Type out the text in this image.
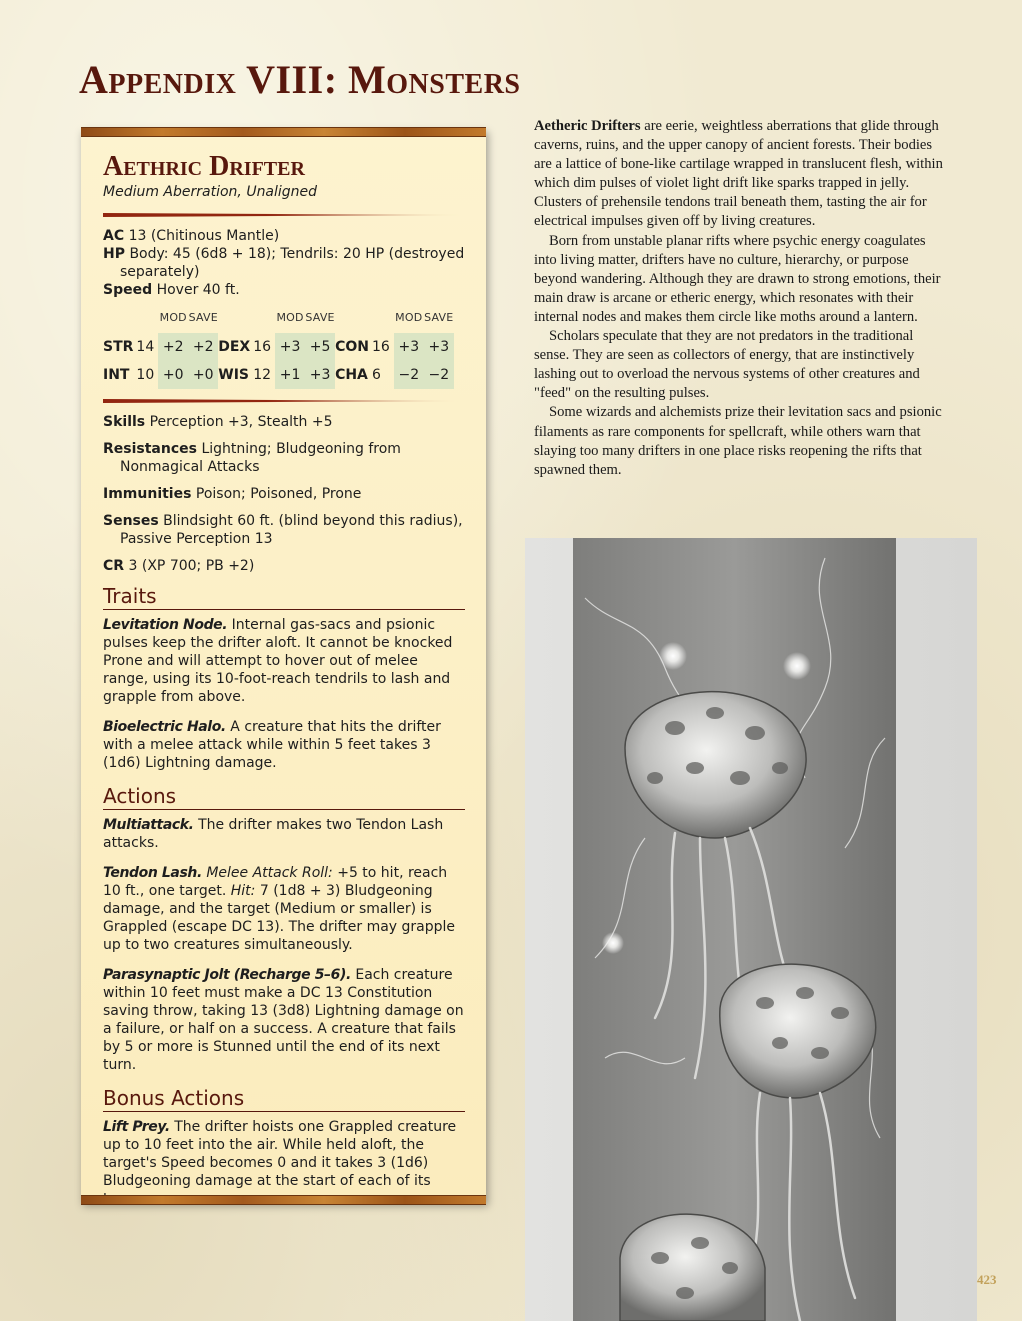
Appendix VIII: Monsters
Aethric Drifter
Medium Aberration, Unaligned
AC 13 (Chitinous Mantle)
HP Body: 45 (6d8 + 18); Tendrils: 20 HP (destroyed separately)
Speed Hover 40 ft.
		MOD	SAVE			MOD	SAVE			MOD	SAVE
STR	14	+2	+2	DEX	16	+3	+5	CON	16	+3	+3
INT	10	+0	+0	WIS	12	+1	+3	CHA	6	−2	−2
Skills Perception +3, Stealth +5
Resistances Lightning; Bludgeoning from Nonmagical Attacks
Immunities Poison; Poisoned, Prone
Senses Blindsight 60 ft. (blind beyond this radius), Passive Perception 13
CR 3 (XP 700; PB +2)
Traits
Levitation Node. Internal gas-sacs and psionic pulses keep the drifter aloft. It cannot be knocked Prone and will attempt to hover out of melee range, using its 10-foot-reach tendrils to lash and grapple from above.
Bioelectric Halo. A creature that hits the drifter with a melee attack while within 5 feet takes 3 (1d6) Lightning damage.
Actions
Multiattack. The drifter makes two Tendon Lash attacks.
Tendon Lash. Melee Attack Roll: +5 to hit, reach 10 ft., one target. Hit: 7 (1d8 + 3) Bludgeoning damage, and the target (Medium or smaller) is Grappled (escape DC 13). The drifter may grapple up to two creatures simultaneously.
Parasynaptic Jolt (Recharge 5–6). Each creature within 10 feet must make a DC 13 Constitution saving throw, taking 13 (3d8) Lightning damage on a failure, or half on a success. A creature that fails by 5 or more is Stunned until the end of its next turn.
Bonus Actions
Lift Prey. The drifter hoists one Grappled creature up to 10 feet into the air. While held aloft, the target's Speed becomes 0 and it takes 3 (1d6) Bludgeoning damage at the start of each of its

Aetheric Drifters are eerie, weightless aberrations that glide through caverns, ruins, and the upper canopy of ancient forests. Their bodies are a lattice of bone-like cartilage wrapped in translucent flesh, within which dim pulses of violet light drift like sparks trapped in jelly. Clusters of prehensile tendons trail beneath them, tasting the air for electrical impulses given off by living creatures.

Born from unstable planar rifts where psychic energy coagulates into living matter, drifters have no culture, hierarchy, or purpose beyond wandering. Although they are drawn to strong emotions, their main draw is arcane or etheric energy, which resonates with their internal nodes and makes them circle like moths around a lantern.

Scholars speculate that they are not predators in the traditional sense. They are seen as collectors of energy, that are instinctively lashing out to overload the nervous systems of other creatures and "feed" on the resulting pulses.

Some wizards and alchemists prize their levitation sacs and psionic filaments as rare components for spellcraft, while others warn that slaying too many drifters in one place risks reopening the rifts that spawned them.

423
